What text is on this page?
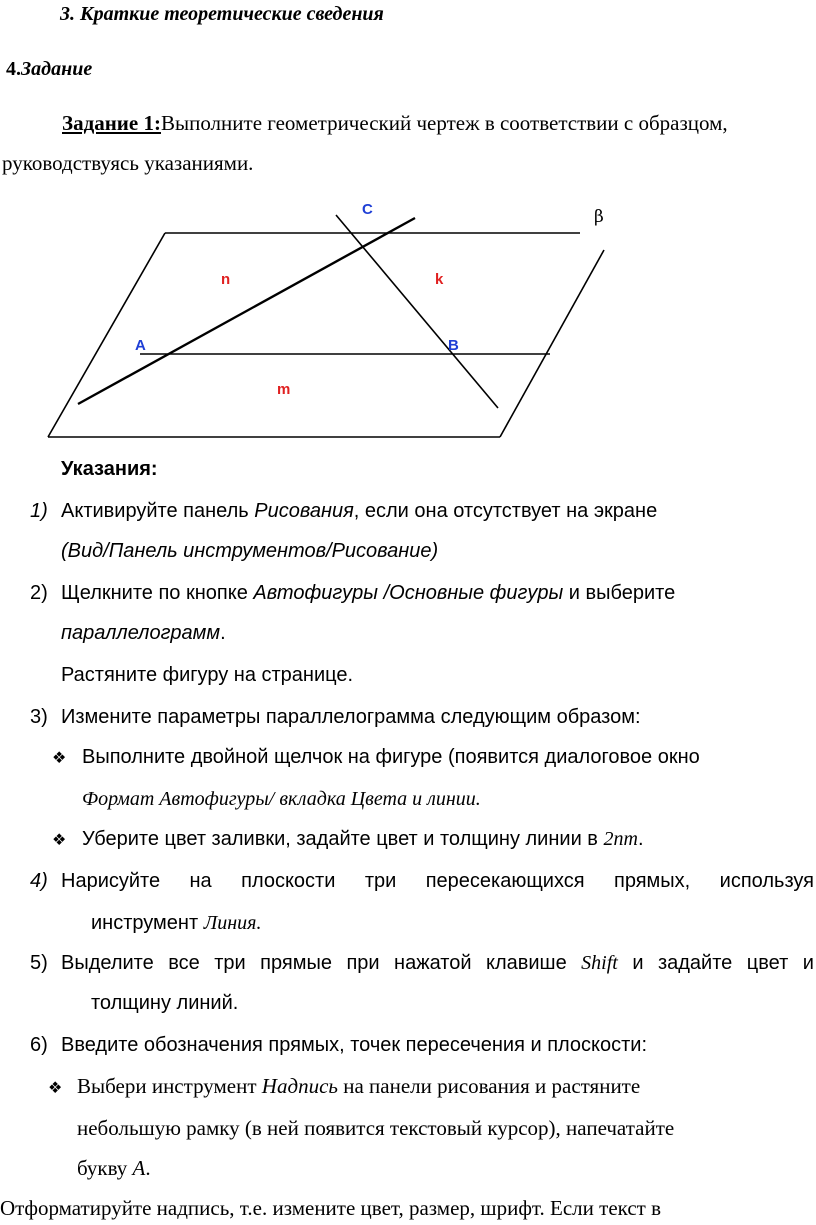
3. Краткие теоретические сведения
4.Задание
Задание 1:Выполните геометрический чертеж в соответствии с образцом,
руководствуясь указаниями.
C	β
n	k
A	B
m
Указания:
1) Активируйте панель Рисования, если она отсутствует на экране
(Вид/Панель инструментов/Рисование)
2) Щелкните по кнопке Автофигуры /Основные фигуры и выберите
параллелограмм.
Растяните фигуру на странице.
3) Измените параметры параллелограмма следующим образом:
❖ Выполните двойной щелчок на фигуре (появится диалоговое окно
Формат Автофигуры/ вкладка Цвета и линии.
❖ Уберите цвет заливки, задайте цвет и толщину линии в 2пт.
4) Нарисуйте на плоскости три пересекающихся прямых, используя
инструмент Линия.
5) Выделите все три прямые при нажатой клавише Shift и задайте цвет и
толщину линий.
6) Введите обозначения прямых, точек пересечения и плоскости:
❖ Выбери инструмент Надпись на панели рисования и растяните
небольшую рамку (в ней появится текстовый курсор), напечатайте
букву А.
Отформатируйте надпись, т.е. измените цвет, размер, шрифт. Если текст в
